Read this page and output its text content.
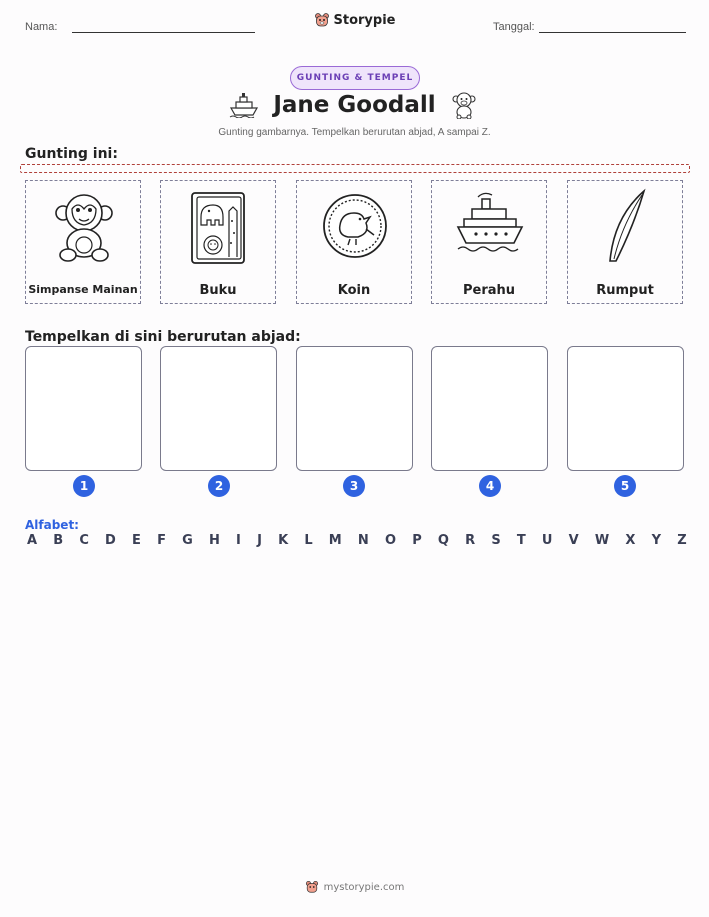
Nama:	Storypie	Tanggal:
GUNTING & TEMPEL
Jane Goodall
Gunting gambarnya. Tempelkan berurutan abjad, A sampai Z.
Gunting ini:
Simpanse Mainan	Buku	Koin	Perahu	Rumput
Tempelkan di sini berurutan abjad:
1	2	3	4	5
Alfabet:
A B C D E F G H I J K L M N O P Q R S T U V W X Y Z
mystorypie.com
